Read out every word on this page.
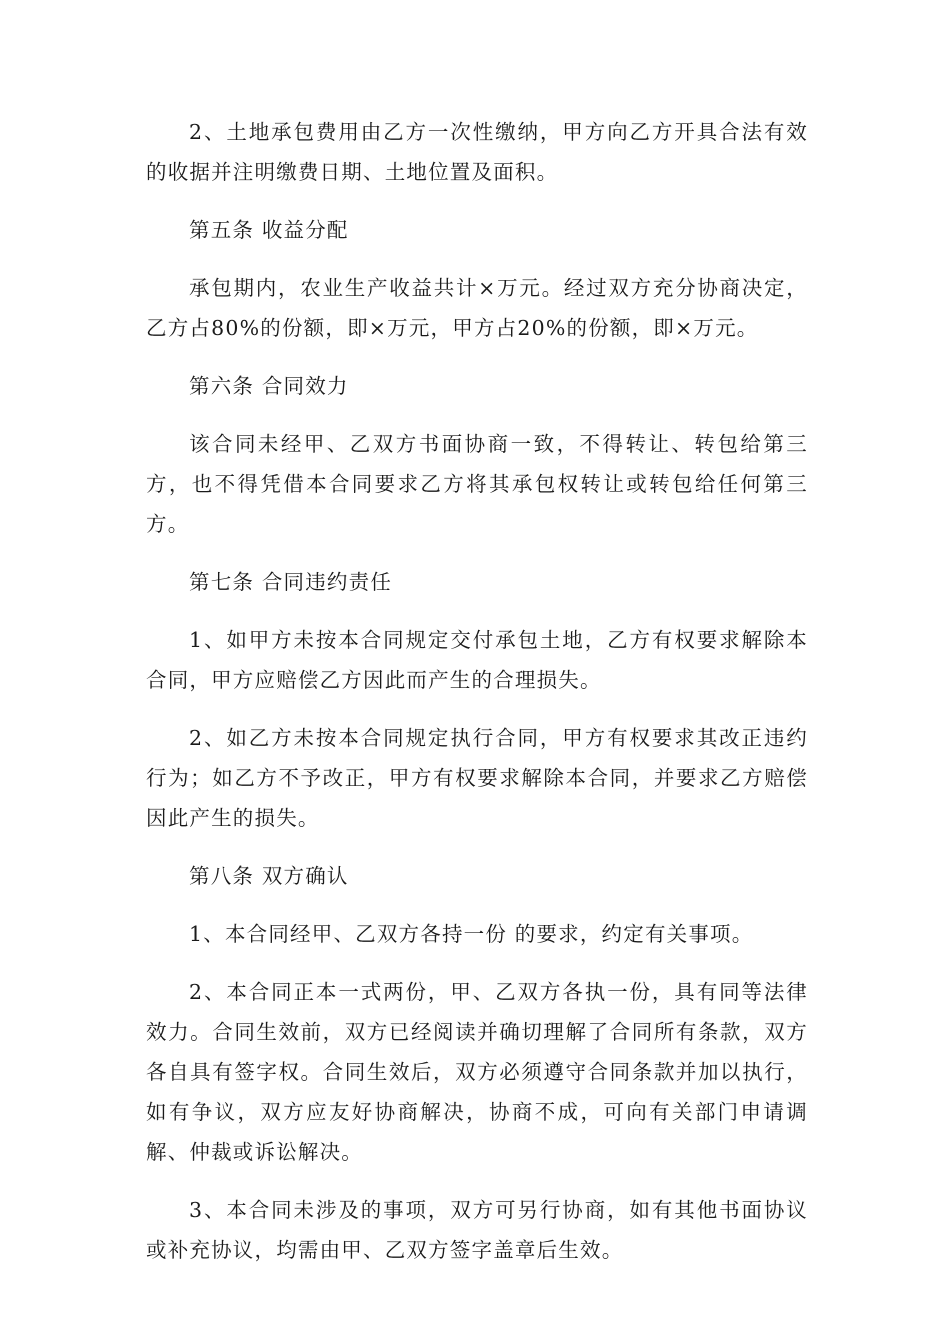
2、土地承包费用由乙方一次性缴纳，甲方向乙方开具合法有效的收据并注明缴费日期、土地位置及面积。

第五条 收益分配

承包期内，农业生产收益共计×万元。经过双方充分协商决定，乙方占80%的份额，即×万元，甲方占20%的份额，即×万元。

第六条 合同效力

该合同未经甲、乙双方书面协商一致，不得转让、转包给第三方，也不得凭借本合同要求乙方将其承包权转让或转包给任何第三方。

第七条 合同违约责任

1、如甲方未按本合同规定交付承包土地，乙方有权要求解除本合同，甲方应赔偿乙方因此而产生的合理损失。

2、如乙方未按本合同规定执行合同，甲方有权要求其改正违约行为；如乙方不予改正，甲方有权要求解除本合同，并要求乙方赔偿因此产生的损失。

第八条 双方确认

1、本合同经甲、乙双方各持一份 的要求，约定有关事项。

2、本合同正本一式两份，甲、乙双方各执一份，具有同等法律效力。合同生效前，双方已经阅读并确切理解了合同所有条款，双方各自具有签字权。合同生效后，双方必须遵守合同条款并加以执行，如有争议，双方应友好协商解决，协商不成，可向有关部门申请调解、仲裁或诉讼解决。

3、本合同未涉及的事项，双方可另行协商，如有其他书面协议或补充协议，均需由甲、乙双方签字盖章后生效。
